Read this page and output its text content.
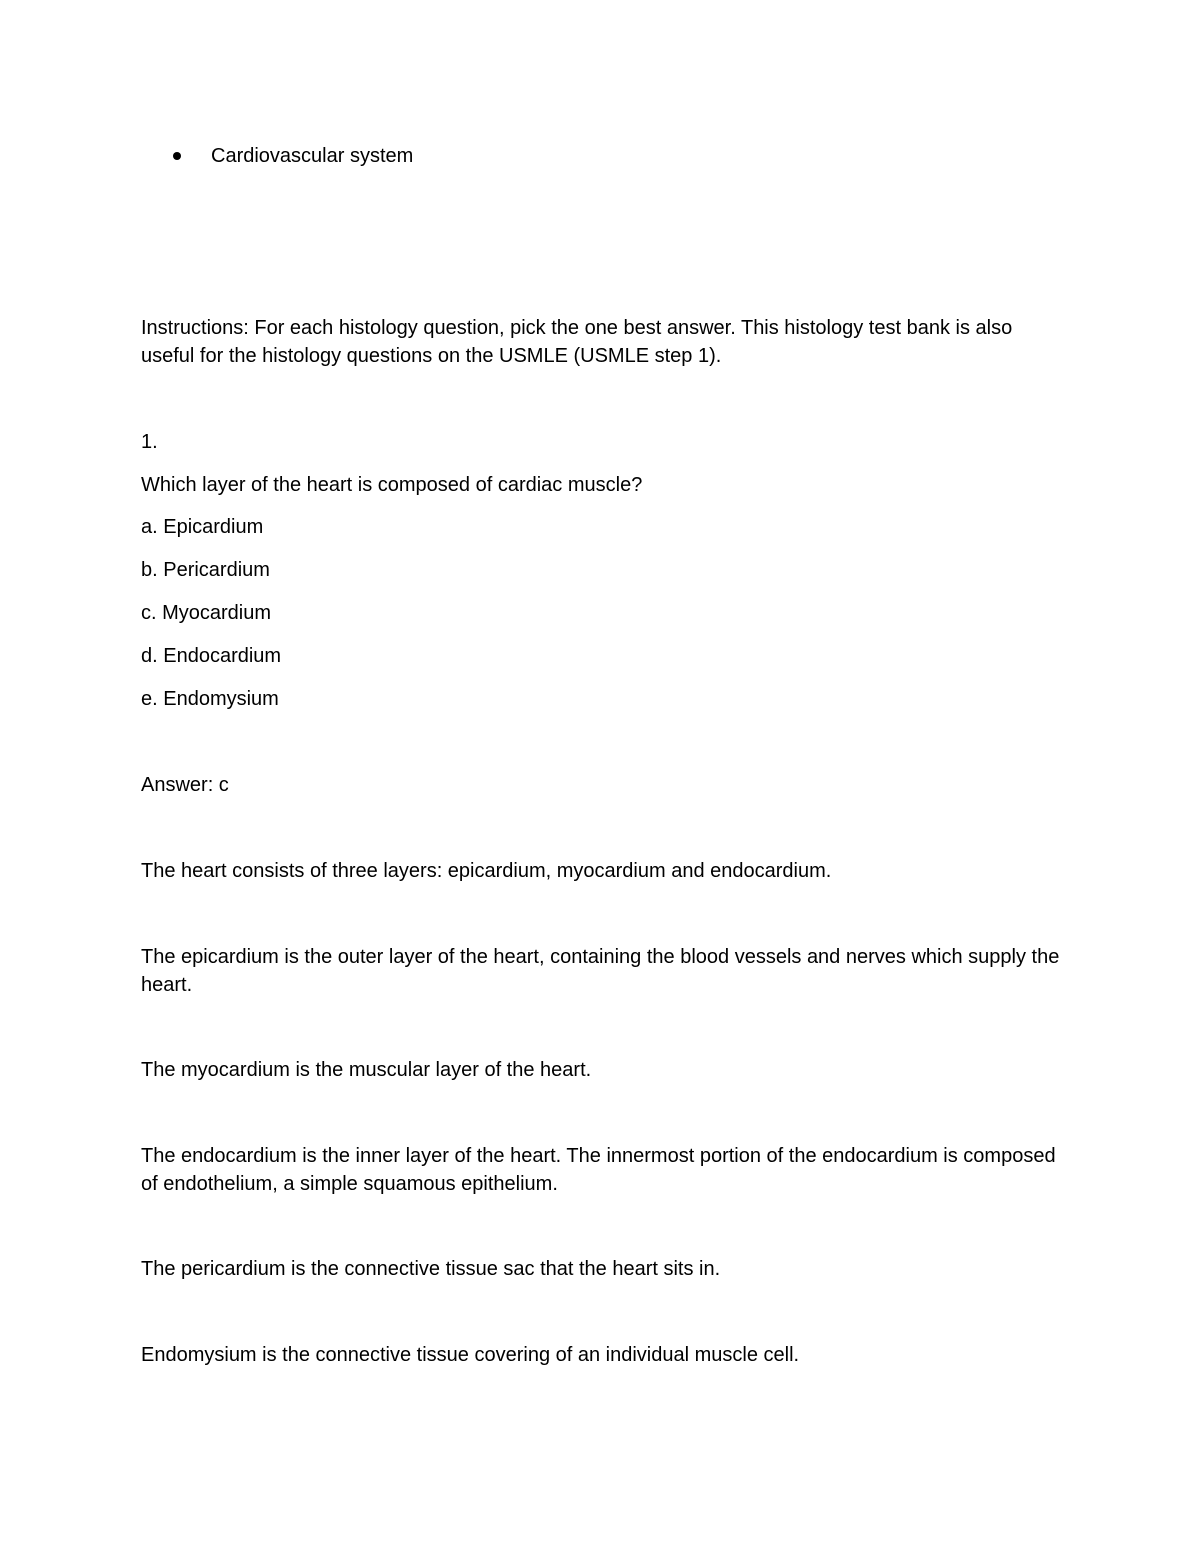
Cardiovascular system

Instructions: For each histology question, pick the one best answer. This histology test bank is also useful for the histology questions on the USMLE (USMLE step 1).

1.

Which layer of the heart is composed of cardiac muscle?

a. Epicardium

b. Pericardium

c. Myocardium

d. Endocardium

e. Endomysium

Answer: c

The heart consists of three layers: epicardium, myocardium and endocardium.

The epicardium is the outer layer of the heart, containing the blood vessels and nerves which supply the heart.

The myocardium is the muscular layer of the heart.

The endocardium is the inner layer of the heart. The innermost portion of the endocardium is composed of endothelium, a simple squamous epithelium.

The pericardium is the connective tissue sac that the heart sits in.

Endomysium is the connective tissue covering of an individual muscle cell.
